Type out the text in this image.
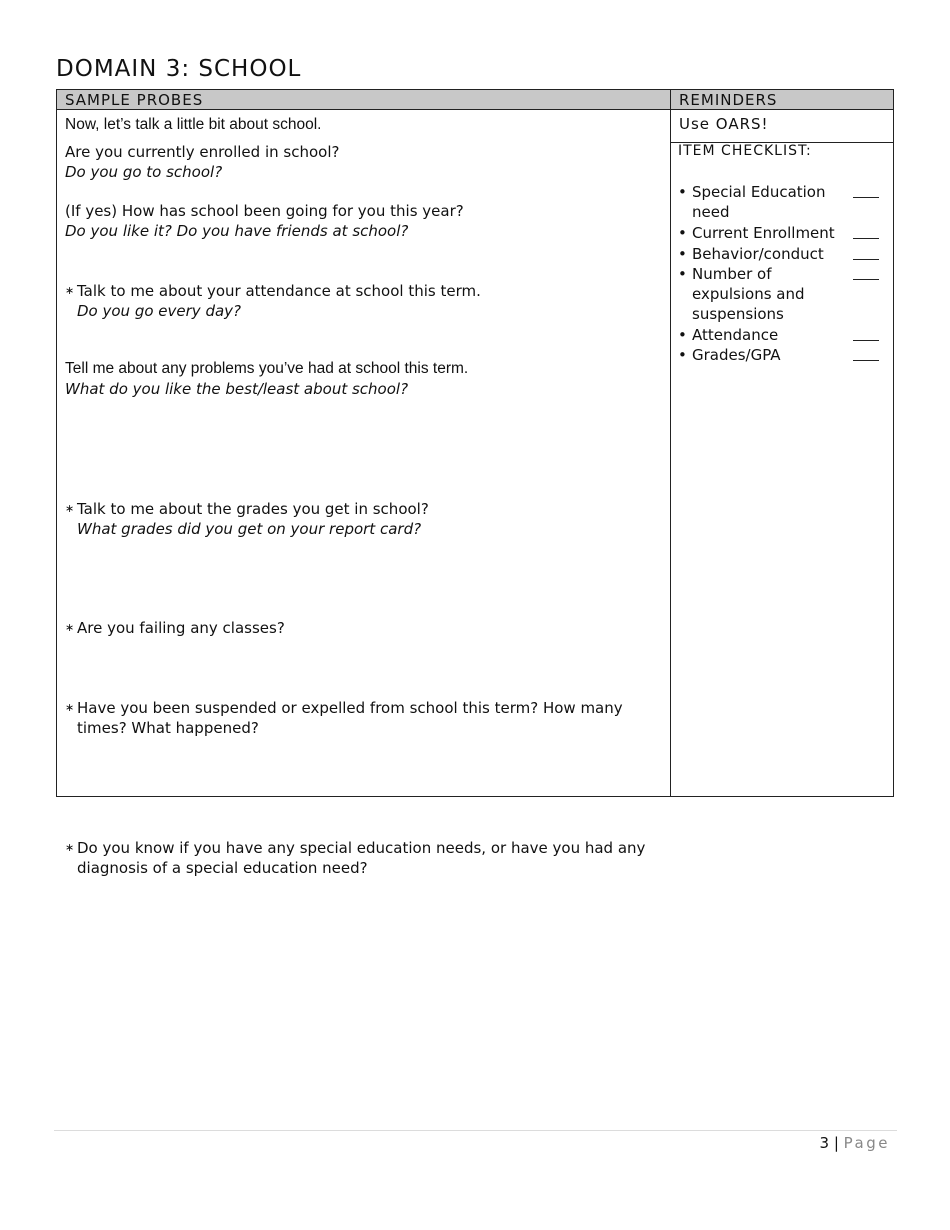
DOMAIN 3: SCHOOL
SAMPLE PROBES
Now, let’s talk a little bit about school.
Are you currently enrolled in school?
Do you go to school?
(If yes) How has school been going for you this year?
Do you like it? Do you have friends at school?
∗ Talk to me about your attendance at school this term.
Do you go every day?
Tell me about any problems you’ve had at school this term.
What do you like the best/least about school?
∗ Talk to me about the grades you get in school?
What grades did you get on your report card?
∗ Are you failing any classes?
∗ Have you been suspended or expelled from school this term? How many times? What happened?
∗ Do you know if you have any special education needs, or have you had any diagnosis of a special education need?
REMINDERS
Use OARS!
ITEM CHECKLIST:
• Special Education need
• Current Enrollment
• Behavior/conduct
• Number of expulsions and suspensions
• Attendance
• Grades/GPA
3 | Page
